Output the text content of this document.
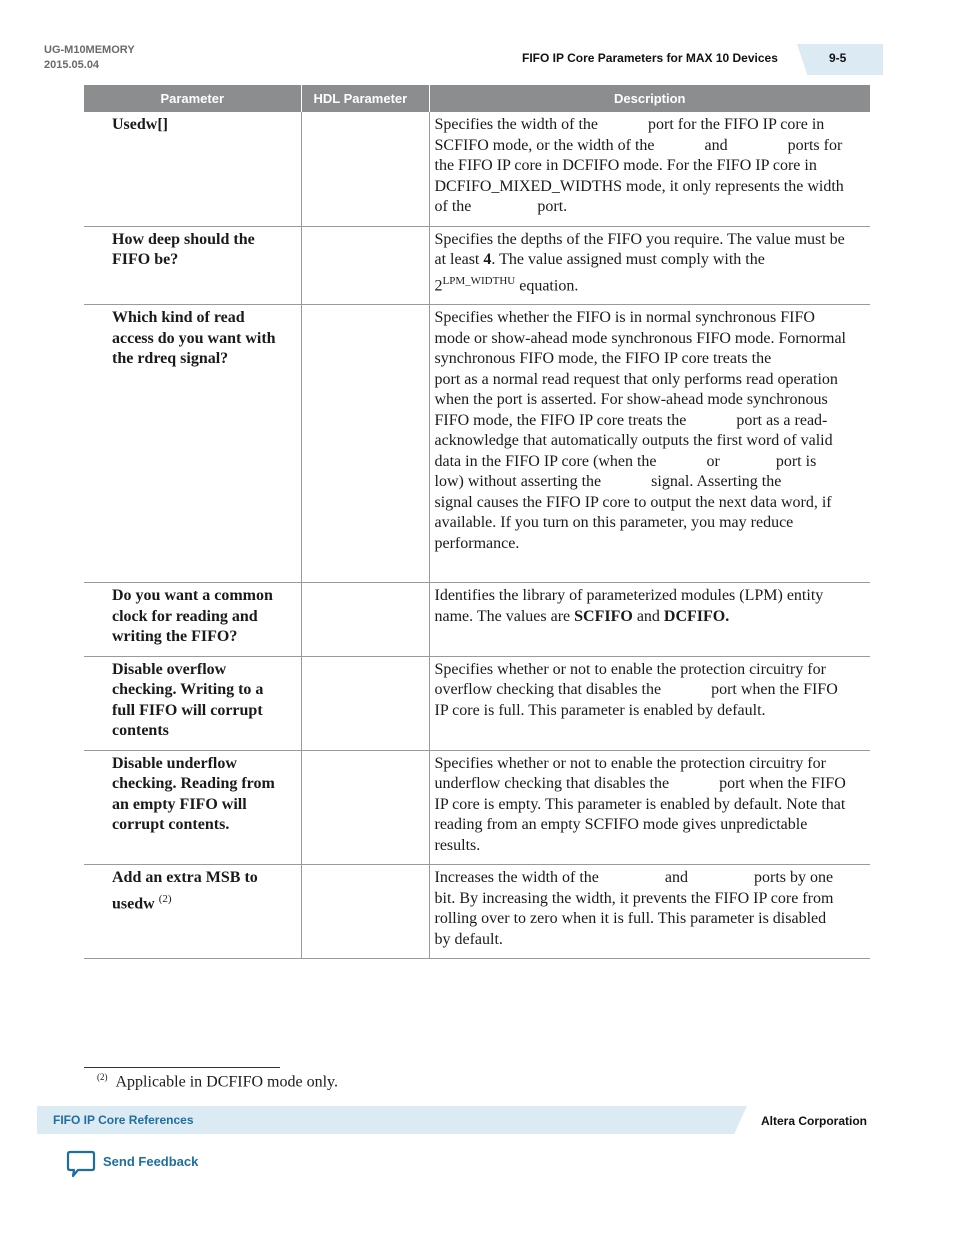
UG-M10MEMORY
2015.05.04	FIFO IP Core Parameters for MAX 10 Devices	9-5
Parameter	HDL Parameter	Description
Usedw[]		Specifies the width of the port for the FIFO IP core in SCFIFO mode, or the width of the and ports for the FIFO IP core in DCFIFO mode. For the FIFO IP core in DCFIFO_MIXED_WIDTHS mode, it only represents the width of the port.
How deep should the FIFO be?		Specifies the depths of the FIFO you require. The value must be at least 4. The value assigned must comply with the $2^{LPM\_WIDTHU}$ equation.
Which kind of read access do you want with the rdreq signal?		Specifies whether the FIFO is in normal synchronous FIFO mode or show-ahead mode synchronous FIFO mode. Fornormal synchronous FIFO mode, the FIFO IP core treats theport as a normal read request that only performs read operation when the port is asserted. For show-ahead mode synchronous FIFO mode, the FIFO IP core treats the port as a read-acknowledge that automatically outputs the first word of valid data in the FIFO IP core (when the or port is low) without asserting the signal. Asserting thesignal causes the FIFO IP core to output the next data word, if available. If you turn on this parameter, you may reduce performance.
Do you want a common clock for reading and writing the FIFO?		Identifies the library of parameterized modules (LPM) entity name. The values are SCFIFO and DCFIFO.
Disable overflow checking. Writing to a full FIFO will corrupt contents		Specifies whether or not to enable the protection circuitry for overflow checking that disables the port when the FIFO IP core is full. This parameter is enabled by default.
Disable underflow checking. Reading from an empty FIFO will corrupt contents.		Specifies whether or not to enable the protection circuitry for underflow checking that disables the port when the FIFO IP core is empty. This parameter is enabled by default. Note that reading from an empty SCFIFO mode gives unpredictable results.
Add an extra MSB to usedw $^{(2)}$		Increases the width of the and ports by one bit. By increasing the width, it prevents the FIFO IP core from rolling over to zero when it is full. This parameter is disabled by default.
$^{(2)}$ Applicable in DCFIFO mode only.
FIFO IP Core References	Altera Corporation
Send Feedback
